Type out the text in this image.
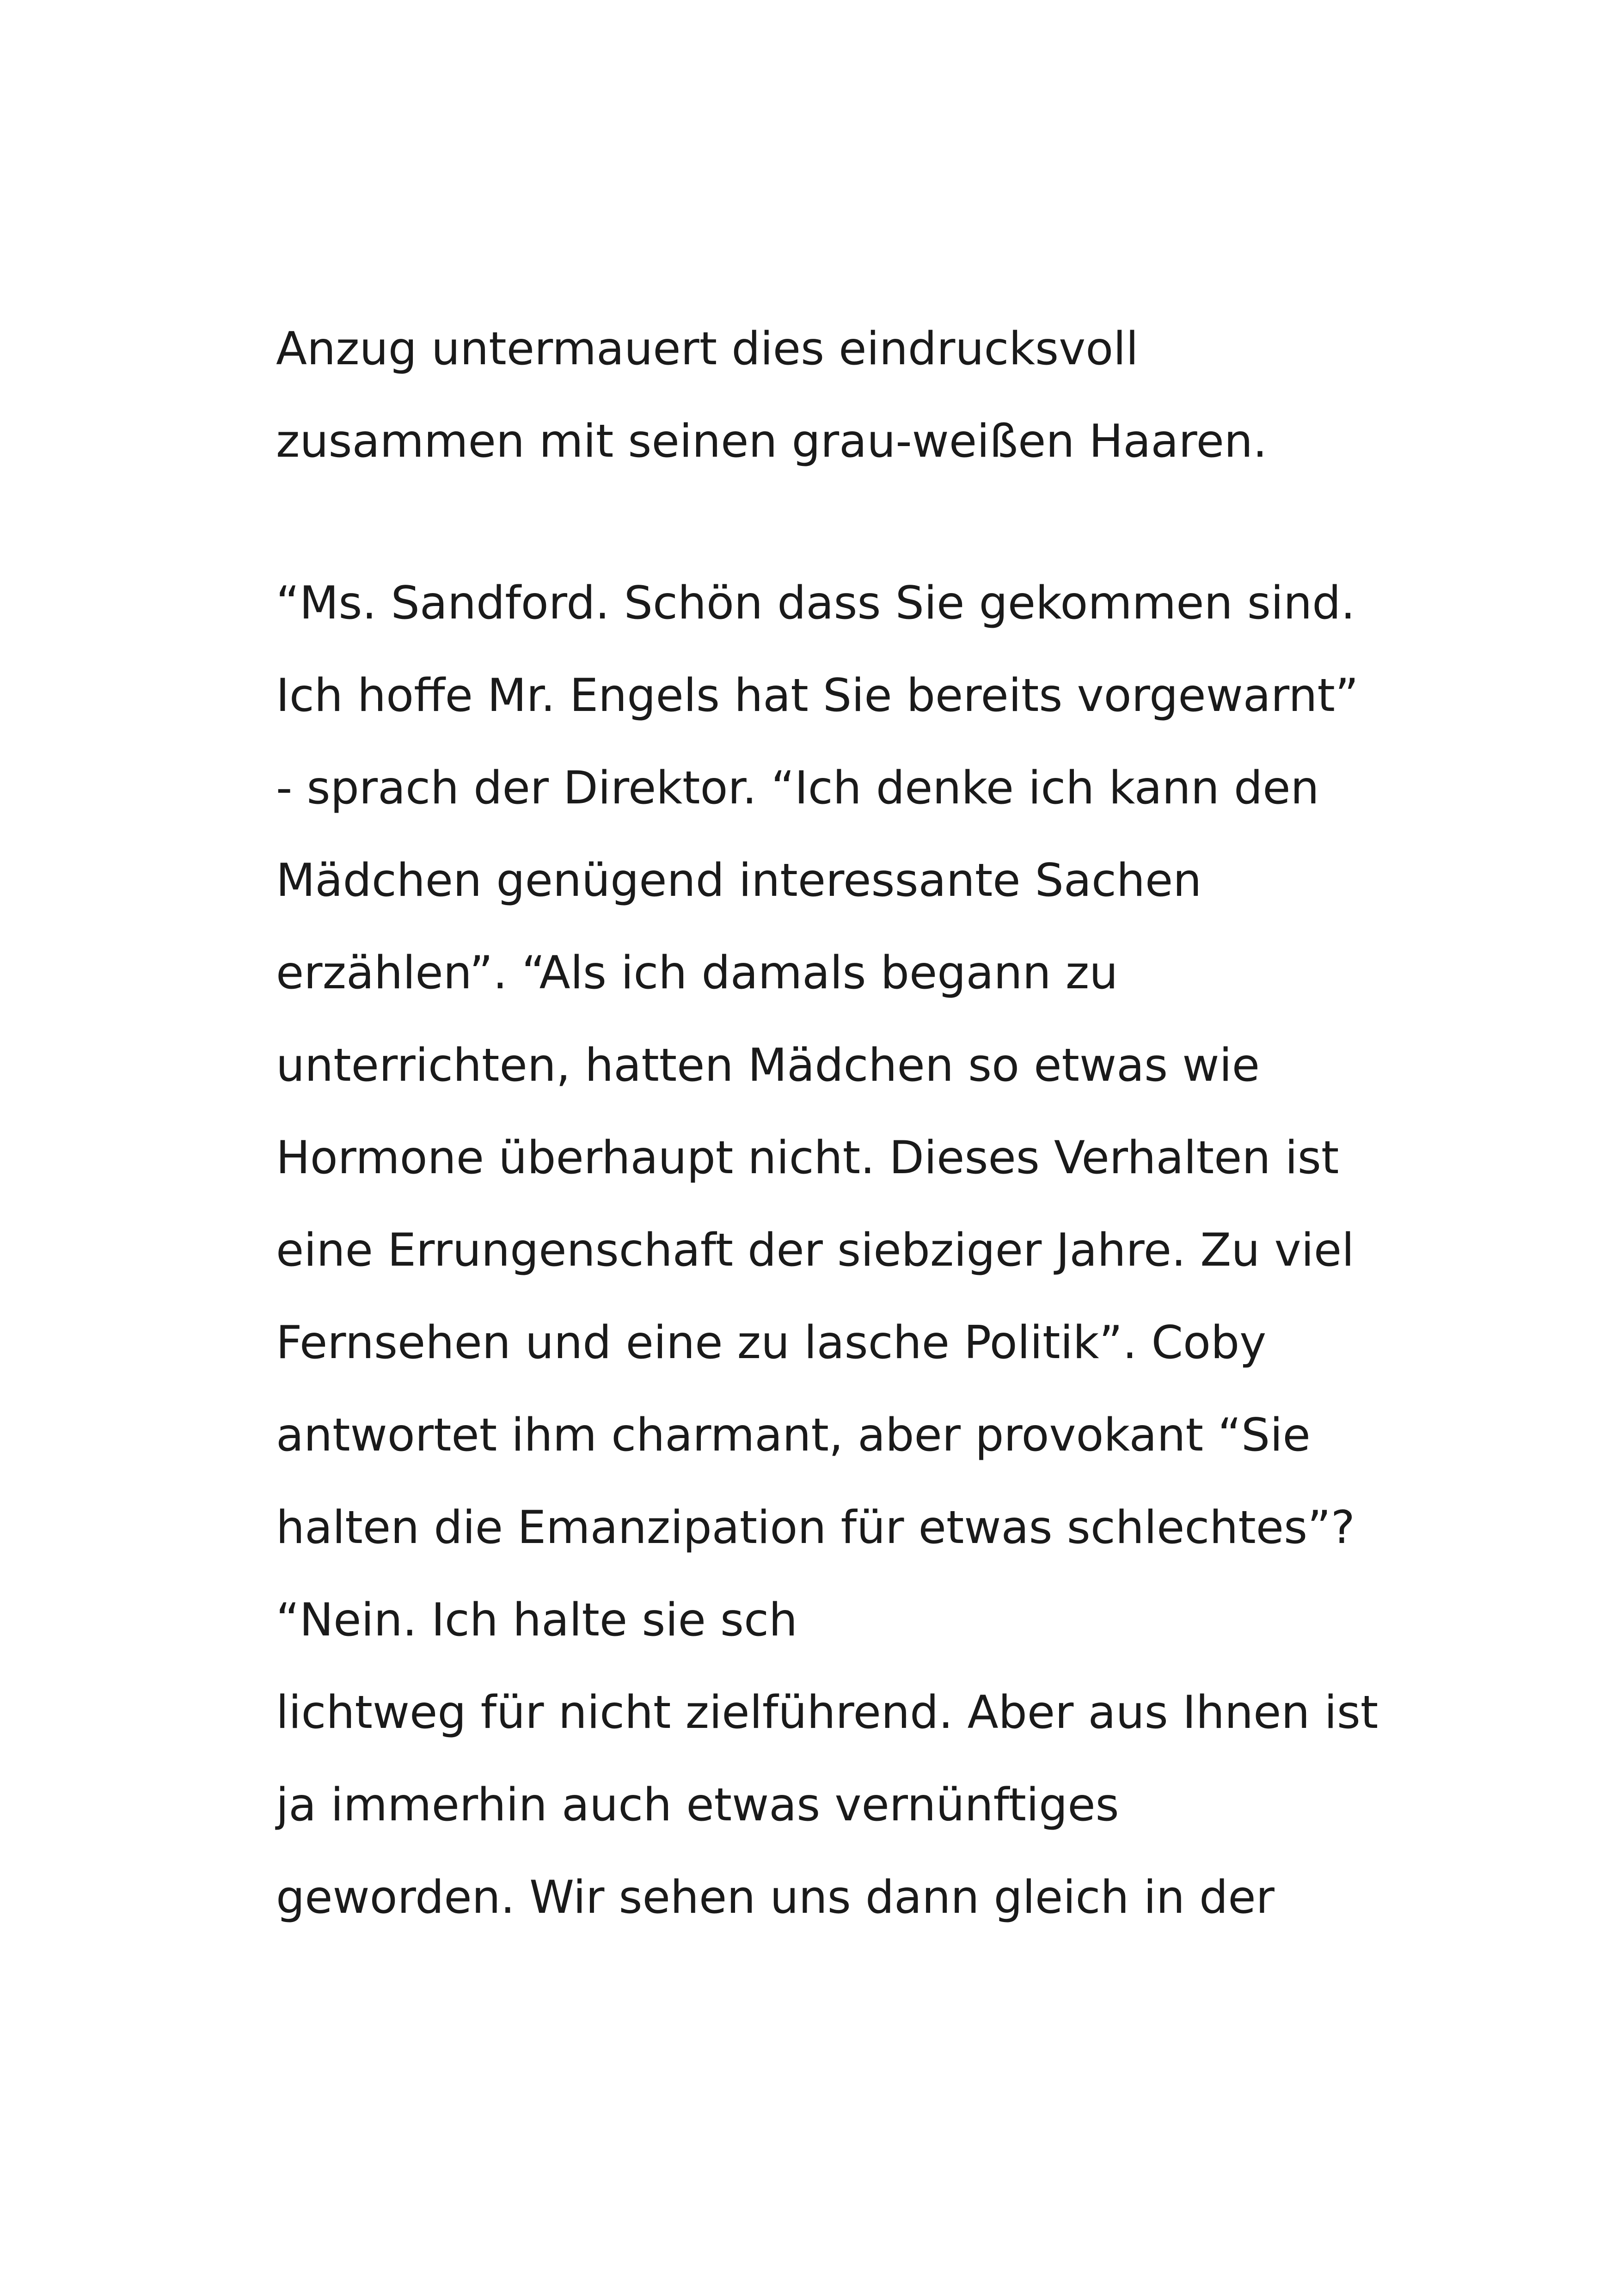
Anzug untermauert dies eindrucksvoll
zusammen mit seinen grau-weißen Haaren.

“Ms. Sandford. Schön dass Sie gekommen sind.
Ich hoffe Mr. Engels hat Sie bereits vorgewarnt”
- sprach der Direktor. “Ich denke ich kann den
Mädchen genügend interessante Sachen
erzählen”. “Als ich damals begann zu
unterrichten, hatten Mädchen so etwas wie
Hormone überhaupt nicht. Dieses Verhalten ist
eine Errungenschaft der siebziger Jahre. Zu viel
Fernsehen und eine zu lasche Politik”. Coby
antwortet ihm charmant, aber provokant “Sie
halten die Emanzipation für etwas schlechtes”?
“Nein. Ich halte sie sch
lichtweg für nicht zielführend. Aber aus Ihnen ist
ja immerhin auch etwas vernünftiges
geworden. Wir sehen uns dann gleich in der
